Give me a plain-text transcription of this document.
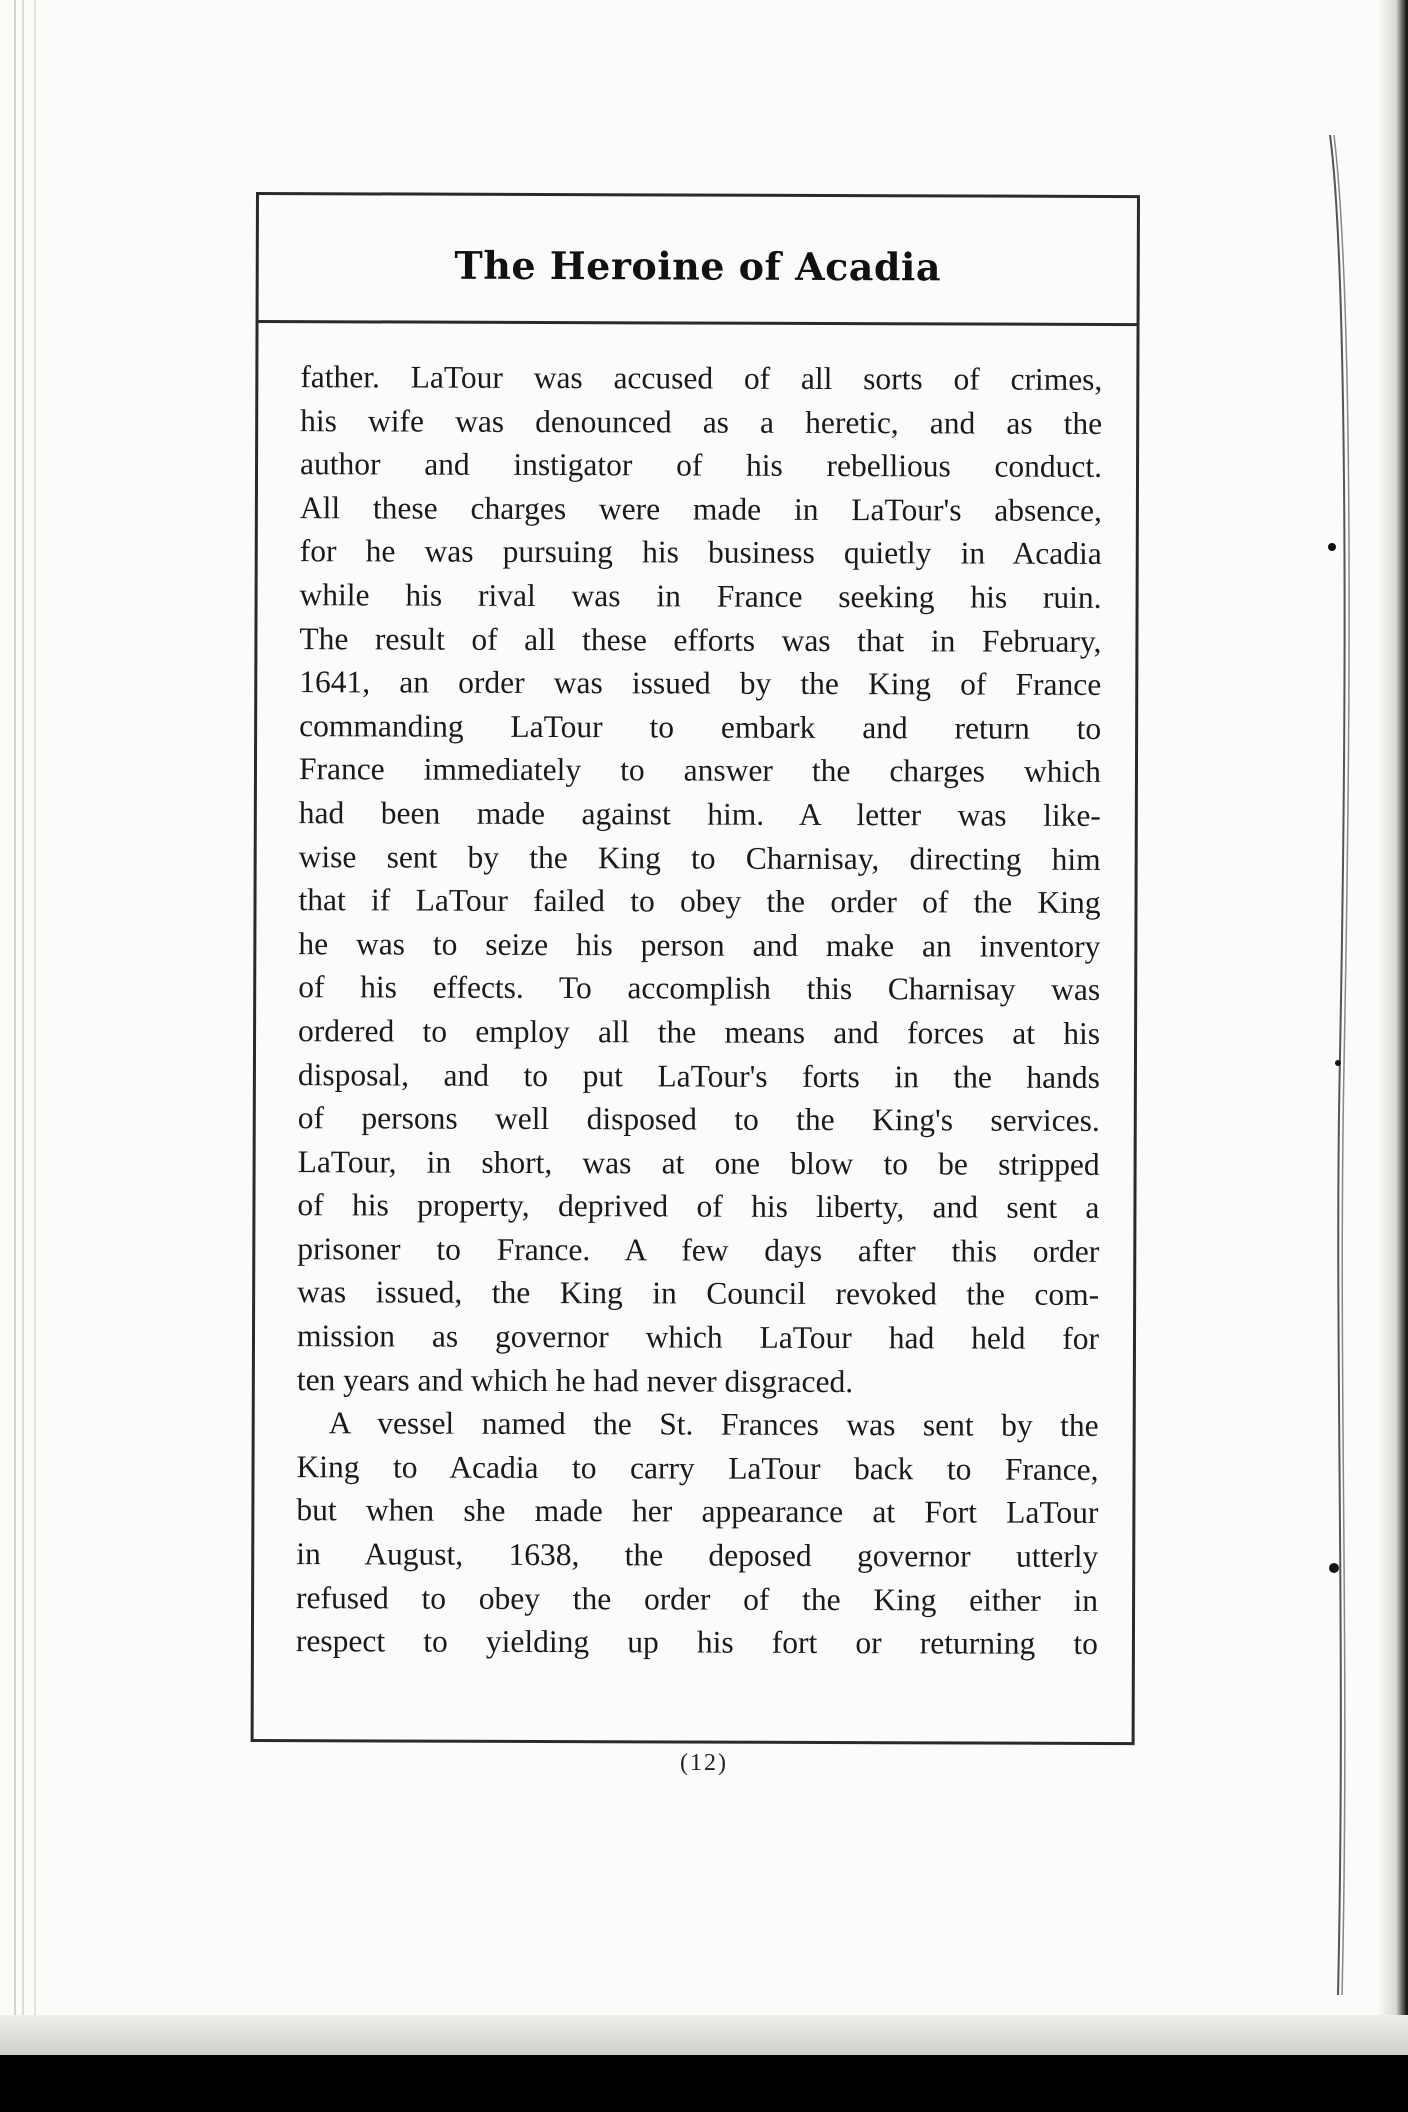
The Heroine of Acadia
father. LaTour was accused of all sorts of crimes,
his wife was denounced as a heretic, and as the
author and instigator of his rebellious conduct.
All these charges were made in LaTour's absence,
for he was pursuing his business quietly in Acadia
while his rival was in France seeking his ruin.
The result of all these efforts was that in February,
1641, an order was issued by the King of France
commanding LaTour to embark and return to
France immediately to answer the charges which
had been made against him. A letter was like-
wise sent by the King to Charnisay, directing him
that if LaTour failed to obey the order of the King
he was to seize his person and make an inventory
of his effects. To accomplish this Charnisay was
ordered to employ all the means and forces at his
disposal, and to put LaTour's forts in the hands
of persons well disposed to the King's services.
LaTour, in short, was at one blow to be stripped
of his property, deprived of his liberty, and sent a
prisoner to France. A few days after this order
was issued, the King in Council revoked the com-
mission as governor which LaTour had held for
ten years and which he had never disgraced.
A vessel named the St. Frances was sent by the
King to Acadia to carry LaTour back to France,
but when she made her appearance at Fort LaTour
in August, 1638, the deposed governor utterly
refused to obey the order of the King either in
respect to yielding up his fort or returning to
(12)
